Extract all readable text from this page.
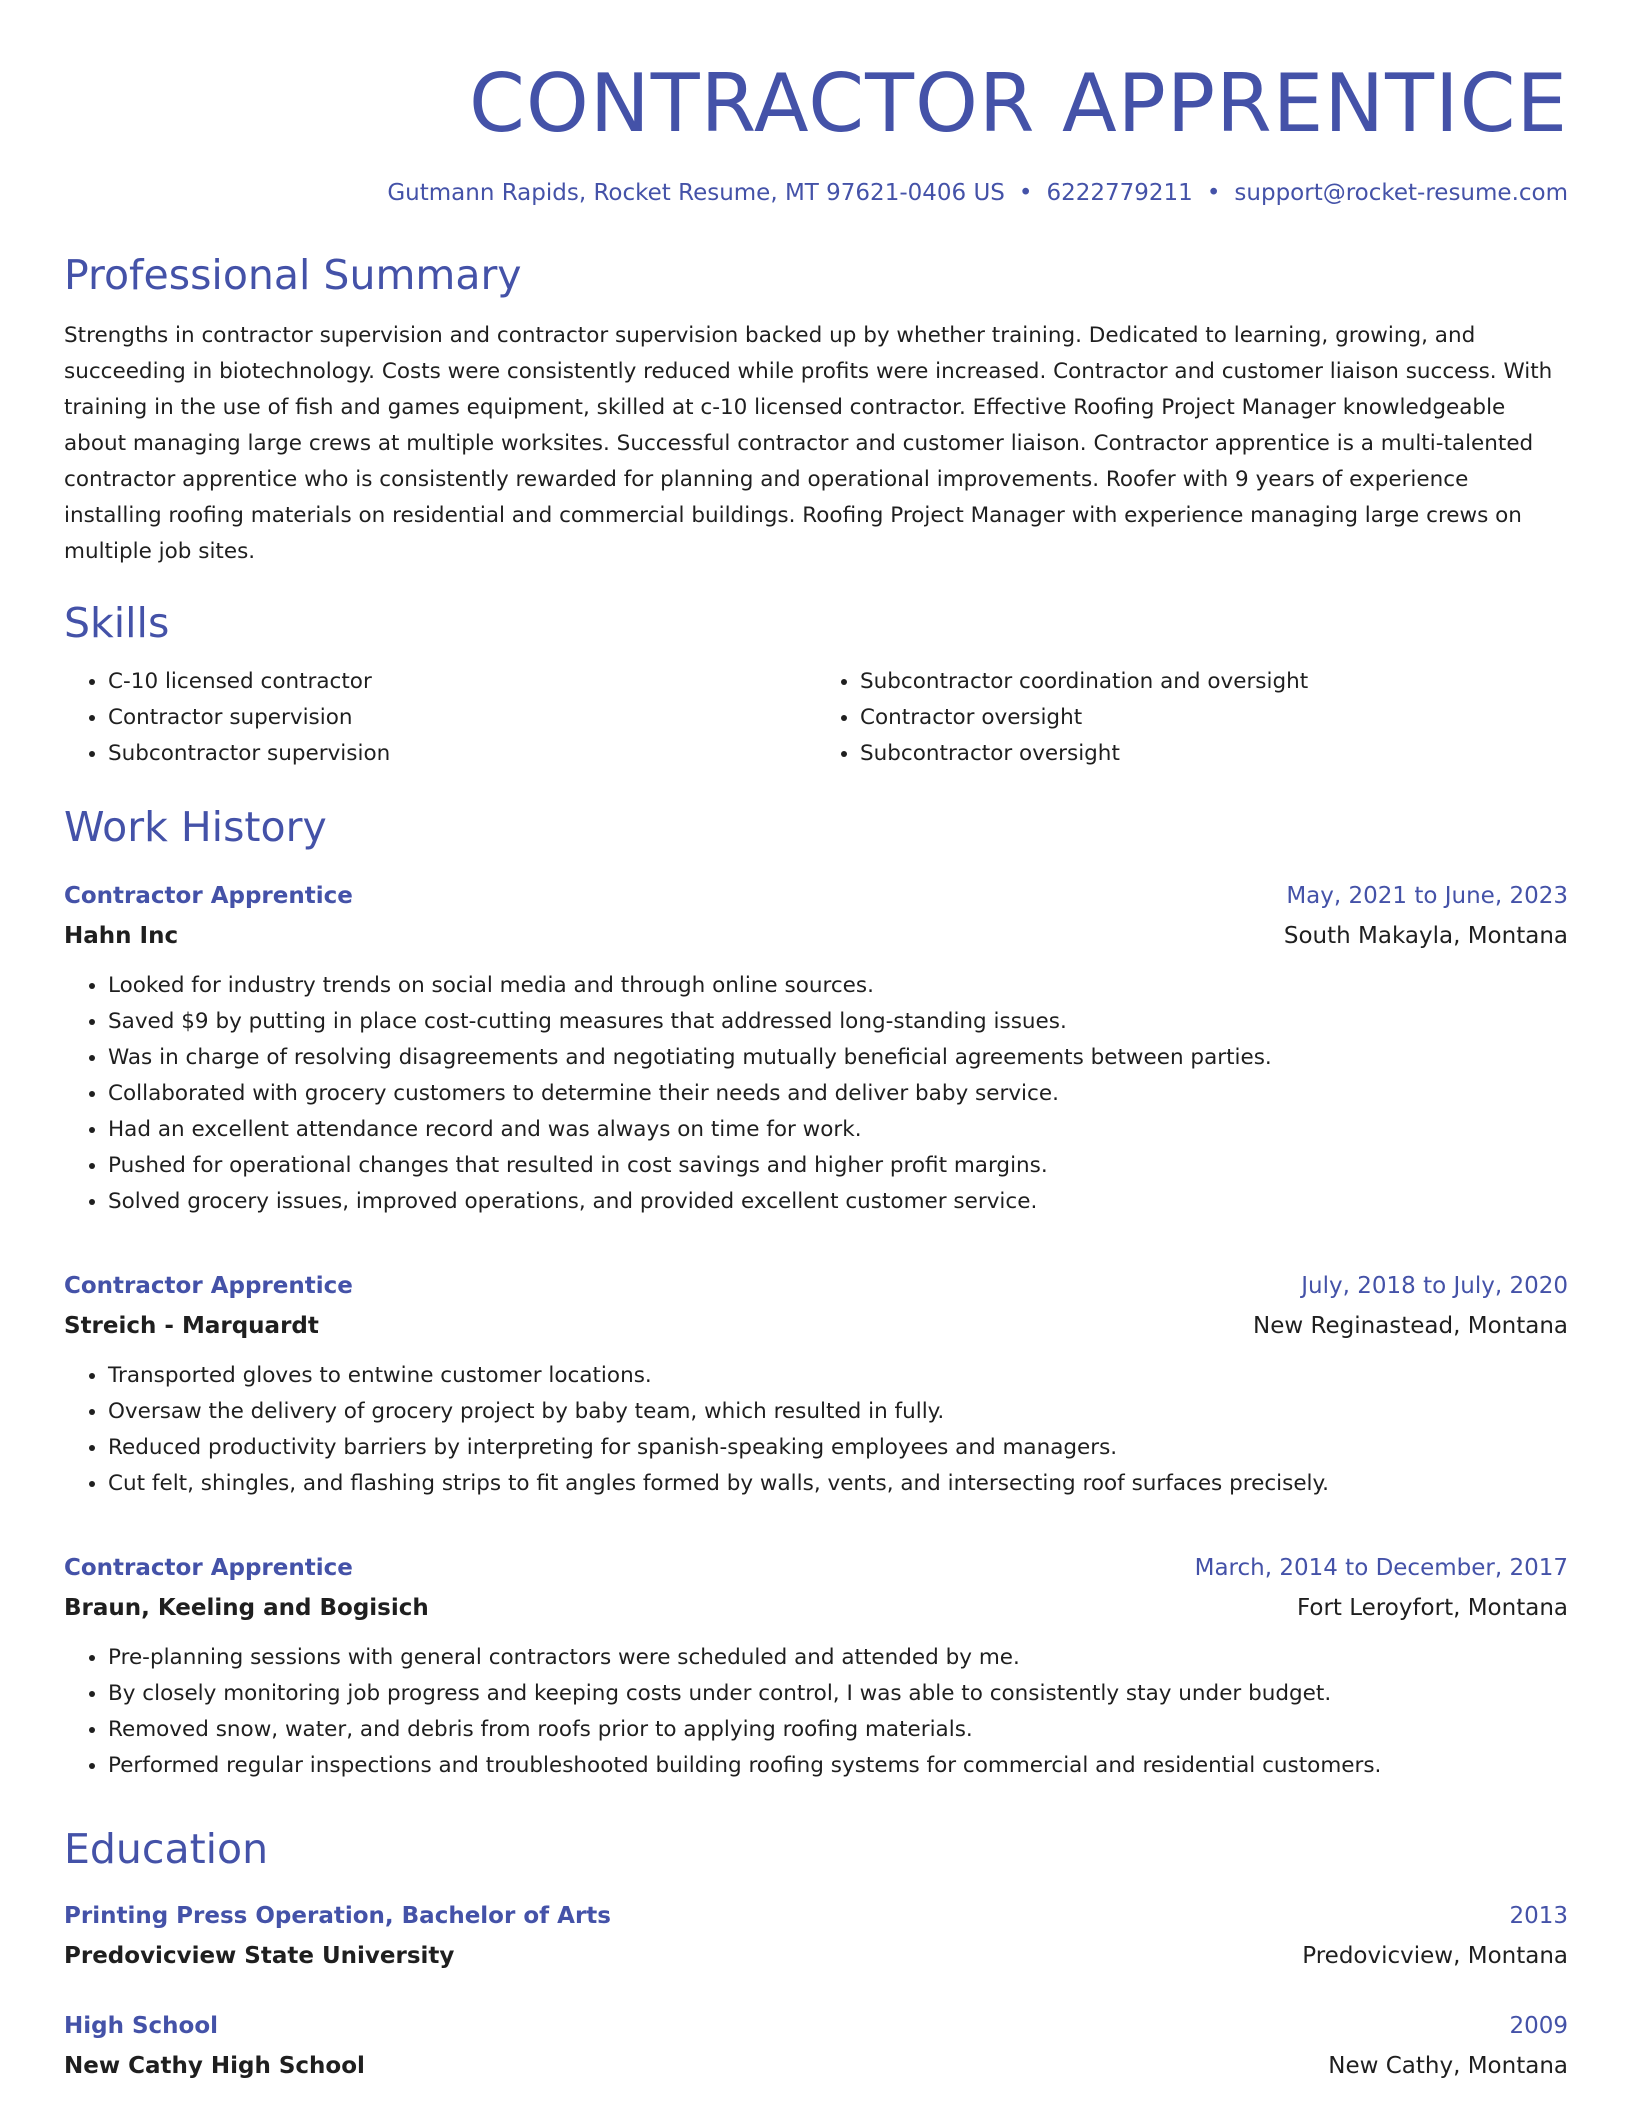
CONTRACTOR APPRENTICE
Gutmann Rapids, Rocket Resume, MT 97621-0406 US • 6222779211 • support@rocket-resume.com
Professional Summary

Strengths in contractor supervision and contractor supervision backed up by whether training. Dedicated to learning, growing, and succeeding in biotechnology. Costs were consistently reduced while profits were increased. Contractor and customer liaison success. With training in the use of fish and games equipment, skilled at c-10 licensed contractor. Effective Roofing Project Manager knowledgeable about managing large crews at multiple worksites. Successful contractor and customer liaison. Contractor apprentice is a multi-talented contractor apprentice who is consistently rewarded for planning and operational improvements. Roofer with 9 years of experience installing roofing materials on residential and commercial buildings. Roofing Project Manager with experience managing large crews on multiple job sites.

Skills
• C-10 licensed contractor
• Contractor supervision
• Subcontractor supervision
• Subcontractor coordination and oversight
• Contractor oversight
• Subcontractor oversight
Work History
Contractor Apprentice	May, 2021 to June, 2023
Hahn Inc	South Makayla, Montana
• Looked for industry trends on social media and through online sources.
• Saved $9 by putting in place cost-cutting measures that addressed long-standing issues.
• Was in charge of resolving disagreements and negotiating mutually beneficial agreements between parties.
• Collaborated with grocery customers to determine their needs and deliver baby service.
• Had an excellent attendance record and was always on time for work.
• Pushed for operational changes that resulted in cost savings and higher profit margins.
• Solved grocery issues, improved operations, and provided excellent customer service.
Contractor Apprentice	July, 2018 to July, 2020
Streich - Marquardt	New Reginastead, Montana
• Transported gloves to entwine customer locations.
• Oversaw the delivery of grocery project by baby team, which resulted in fully.
• Reduced productivity barriers by interpreting for spanish-speaking employees and managers.
• Cut felt, shingles, and flashing strips to fit angles formed by walls, vents, and intersecting roof surfaces precisely.
Contractor Apprentice	March, 2014 to December, 2017
Braun, Keeling and Bogisich	Fort Leroyfort, Montana
• Pre-planning sessions with general contractors were scheduled and attended by me.
• By closely monitoring job progress and keeping costs under control, I was able to consistently stay under budget.
• Removed snow, water, and debris from roofs prior to applying roofing materials.
• Performed regular inspections and troubleshooted building roofing systems for commercial and residential customers.
Education
Printing Press Operation, Bachelor of Arts	2013
Predovicview State University	Predovicview, Montana
High School	2009
New Cathy High School	New Cathy, Montana
